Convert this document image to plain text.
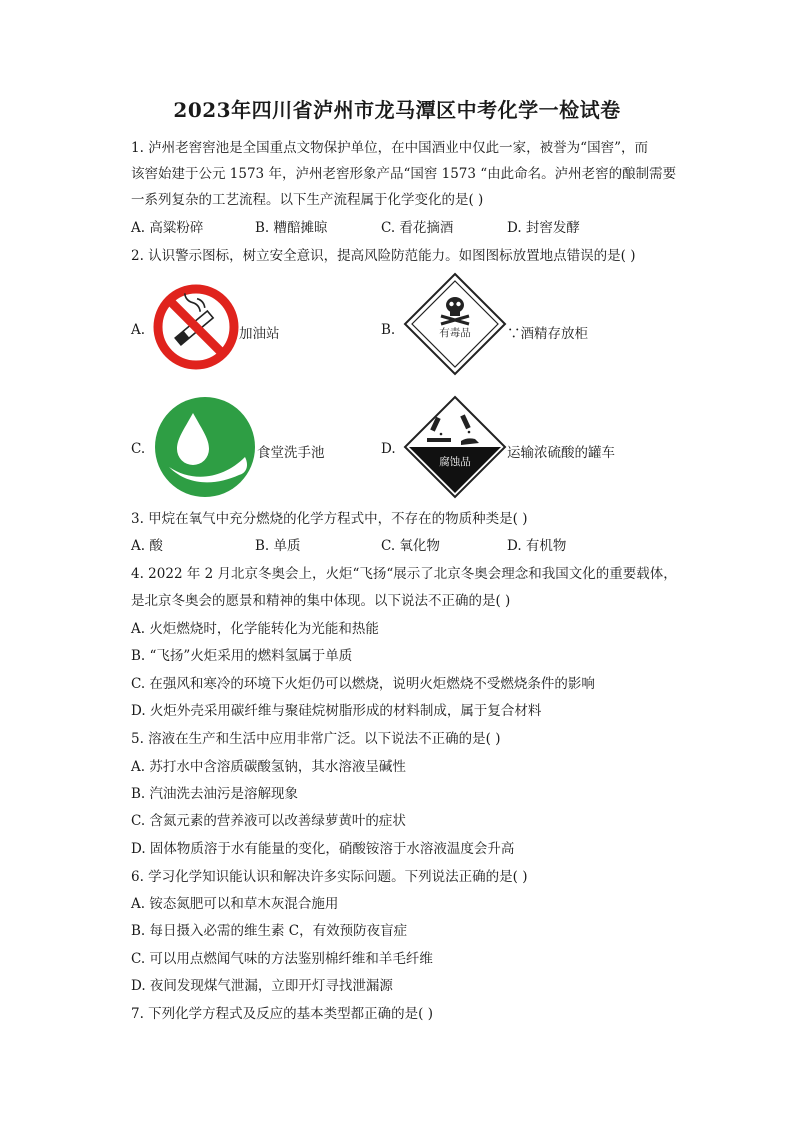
2023年四川省泸州市龙马潭区中考化学一检试卷
1. 泸州老窖窖池是全国重点文物保护单位，在中国酒业中仅此一家，被誉为“国窖”，而
该窖始建于公元 1573 年，泸州老窖形象产品“国窖 1573 “由此命名。泸州老窖的酿制需要
一系列复杂的工艺流程。以下生产流程属于化学变化的是( )
A. 高粱粉碎	B. 糟醅摊晾	C. 看花摘酒	D. 封窖发酵
2. 认识警示图标，树立安全意识，提高风险防范能力。如图图标放置地点错误的是( )
A.	加油站	B.	有毒品	∵酒精存放柜
C.	食堂洗手池	D.
腐蚀品
运输浓硫酸的罐车
3. 甲烷在氧气中充分燃烧的化学方程式中，不存在的物质种类是( )
A. 酸	B. 单质	C. 氧化物	D. 有机物
4. 2022 年 2 月北京冬奥会上，火炬“飞扬“展示了北京冬奥会理念和我国文化的重要载体，
是北京冬奥会的愿景和精神的集中体现。以下说法不正确的是( )
A. 火炬燃烧时，化学能转化为光能和热能
B. “飞扬”火炬采用的燃料氢属于单质
C. 在强风和寒冷的环境下火炬仍可以燃烧，说明火炬燃烧不受燃烧条件的影响
D. 火炬外壳采用碳纤维与聚硅烷树脂形成的材料制成，属于复合材料
5. 溶液在生产和生活中应用非常广泛。以下说法不正确的是( )
A. 苏打水中含溶质碳酸氢钠，其水溶液呈碱性
B. 汽油洗去油污是溶解现象
C. 含氮元素的营养液可以改善绿萝黄叶的症状
D. 固体物质溶于水有能量的变化，硝酸铵溶于水溶液温度会升高
6. 学习化学知识能认识和解决许多实际问题。下列说法正确的是( )
A. 铵态氮肥可以和草木灰混合施用
B. 每日摄入必需的维生素 C，有效预防夜盲症
C. 可以用点燃闻气味的方法鉴别棉纤维和羊毛纤维
D. 夜间发现煤气泄漏，立即开灯寻找泄漏源
7. 下列化学方程式及反应的基本类型都正确的是( )
